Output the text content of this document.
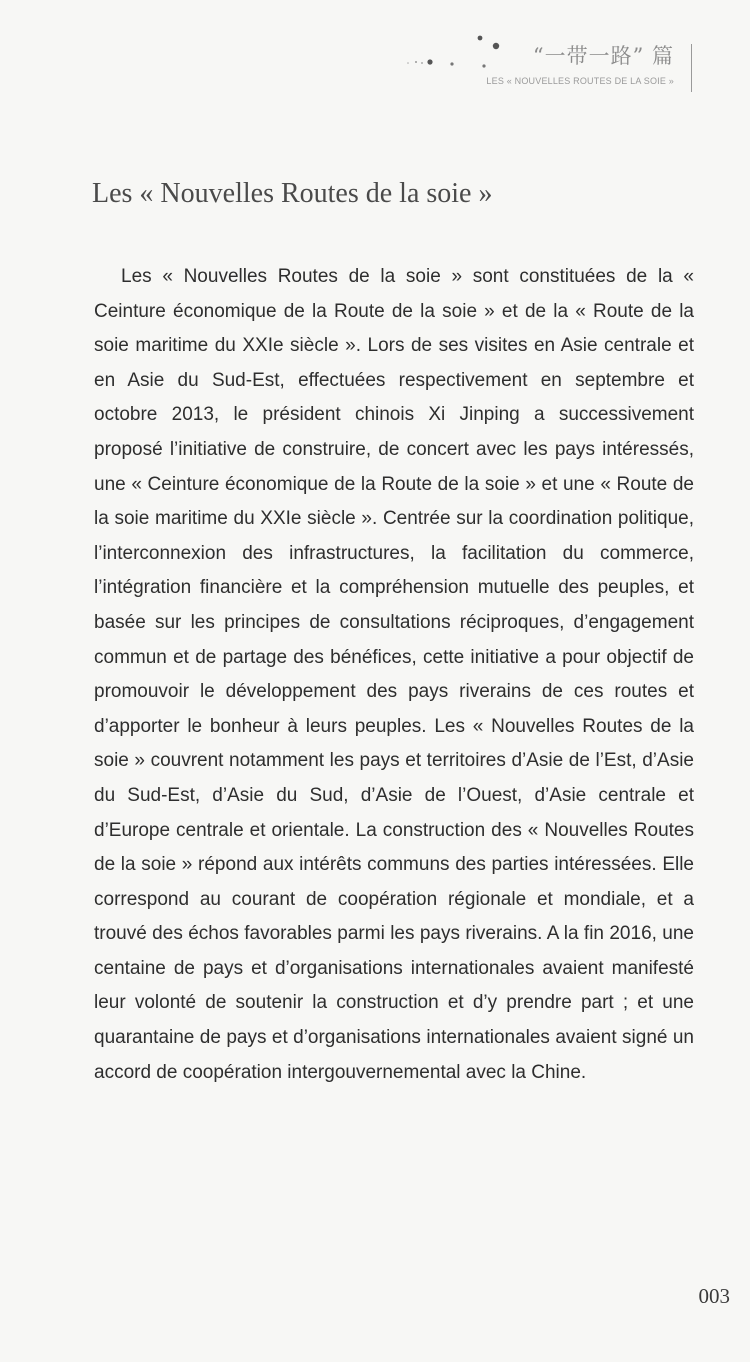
“一带一路” 篇
LES « NOUVELLES ROUTES DE LA SOIE »
Les « Nouvelles Routes de la soie »

Les « Nouvelles Routes de la soie » sont constituées de la « Ceinture économique de la Route de la soie » et de la « Route de la soie maritime du XXIe siècle ». Lors de ses visites en Asie centrale et en Asie du Sud-Est, effectuées respectivement en septembre et octobre 2013, le président chinois Xi Jinping a successivement proposé l’initiative de construire, de concert avec les pays intéressés, une « Ceinture économique de la Route de la soie » et une « Route de la soie maritime du XXIe siècle ». Centrée sur la coordination politique, l’interconnexion des infrastructures, la facilitation du commerce, l’intégration financière et la compréhension mutuelle des peuples, et basée sur les principes de consultations réciproques, d’engagement commun et de partage des bénéfices, cette initiative a pour objectif de promouvoir le développement des pays riverains de ces routes et d’apporter le bonheur à leurs peuples. Les « Nouvelles Routes de la soie » couvrent notamment les pays et territoires d’Asie de l’Est, d’Asie du Sud-Est, d’Asie du Sud, d’Asie de l’Ouest, d’Asie centrale et d’Europe centrale et orientale. La construction des « Nouvelles Routes de la soie » répond aux intérêts communs des parties intéressées. Elle correspond au courant de coopération régionale et mondiale, et a trouvé des échos favorables parmi les pays riverains. A la fin 2016, une centaine de pays et d’organisations internationales avaient manifesté leur volonté de soutenir la construction et d’y prendre part ; et une quarantaine de pays et d’organisations internationales avaient signé un accord de coopération intergouvernemental avec la Chine.

003
